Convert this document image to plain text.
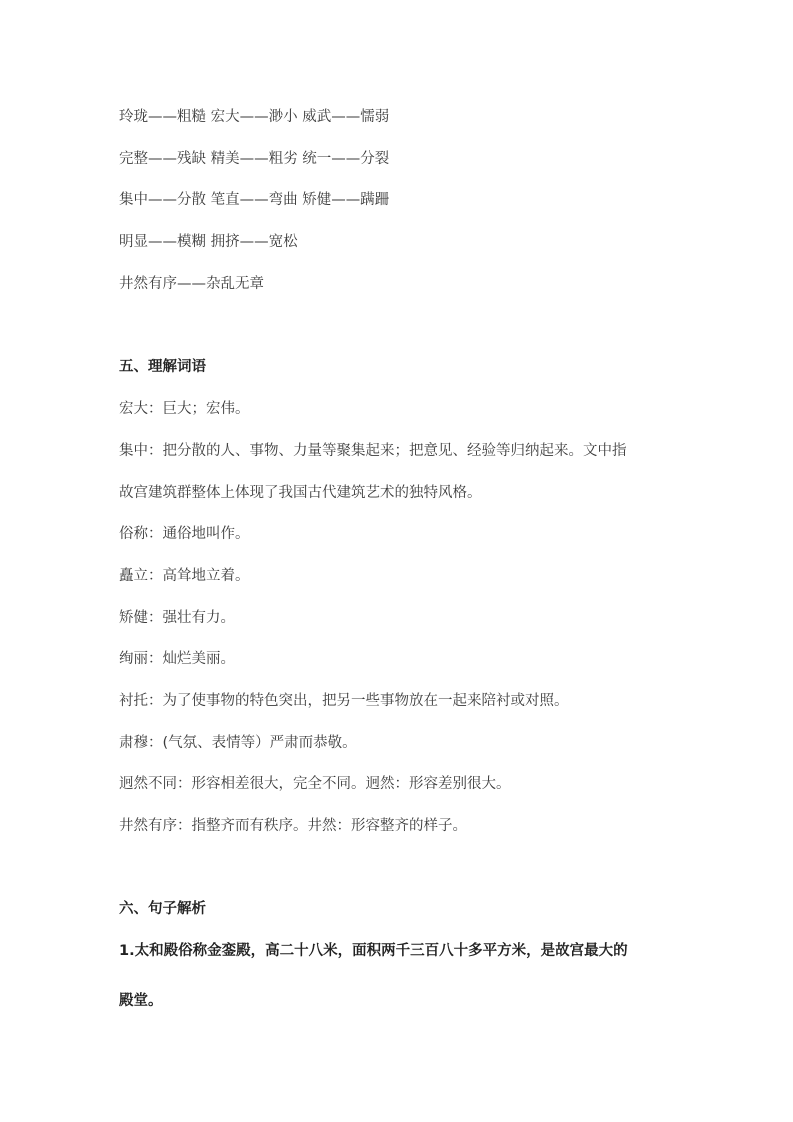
玲珑——粗糙 宏大——渺小 威武——懦弱
完整——残缺 精美——粗劣 统一——分裂
集中——分散 笔直——弯曲 矫健——蹒跚
明显——模糊 拥挤——宽松
井然有序——杂乱无章
五、理解词语
宏大：巨大；宏伟。
集中：把分散的人、事物、力量等聚集起来；把意见、经验等归纳起来。文中指
故宫建筑群整体上体现了我国古代建筑艺术的独特风格。
俗称：通俗地叫作。
矗立：高耸地立着。
矫健：强壮有力。
绚丽：灿烂美丽。
衬托：为了使事物的特色突出，把另一些事物放在一起来陪衬或对照。
肃穆：(气氛、表情等）严肃而恭敬。
迥然不同：形容相差很大，完全不同。迥然：形容差别很大。
井然有序：指整齐而有秩序。井然：形容整齐的样子。
六、句子解析
1.太和殿俗称金銮殿，高二十八米，面积两千三百八十多平方米，是故宫最大的
殿堂。
